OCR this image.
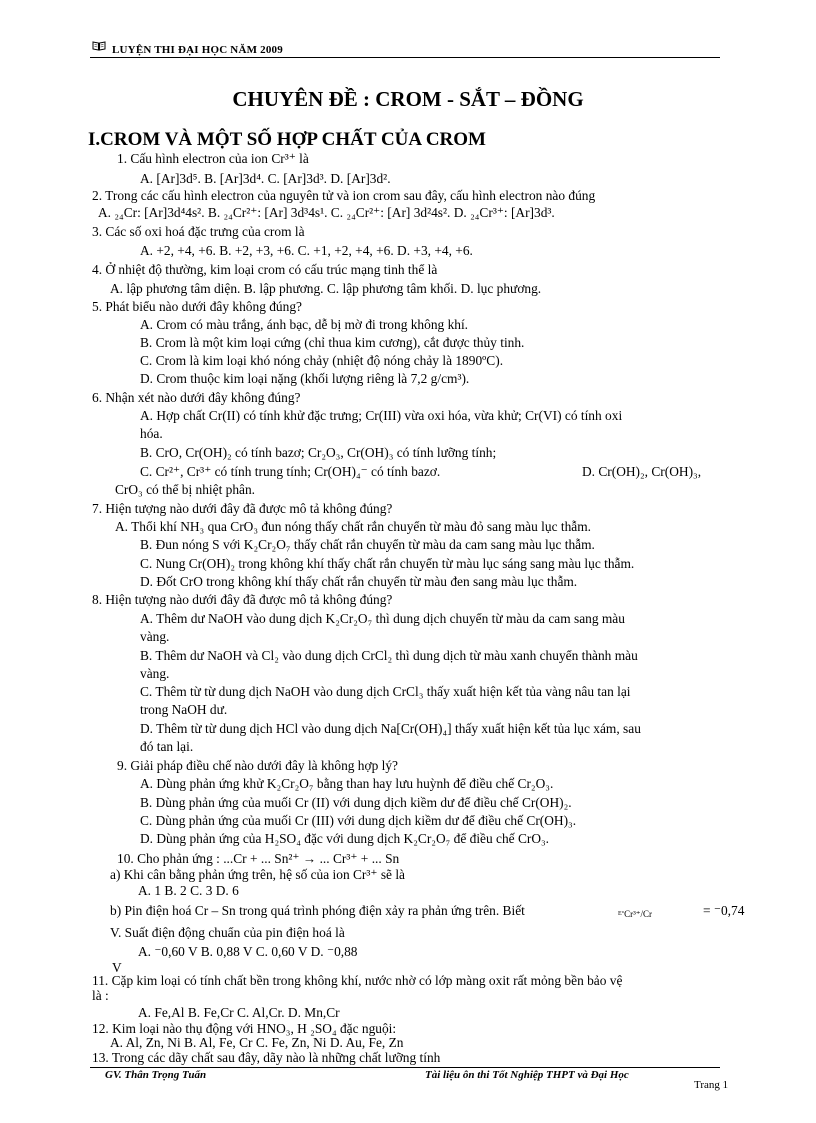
LUYỆN THI ĐẠI HỌC NĂM 2009
CHUYÊN ĐỀ : CROM - SẮT – ĐỒNG
I.CROM VÀ MỘT SỐ HỢP CHẤT CỦA CROM
1. Cấu hình electron của ion Cr³⁺ là
A. [Ar]3d⁵. B. [Ar]3d⁴. C. [Ar]3d³. D. [Ar]3d².
2. Trong các cấu hình electron của nguyên tử và ion crom sau đây, cấu hình electron nào đúng
A. ₂₄Cr: [Ar]3d⁴4s². B. ₂₄Cr²⁺: [Ar] 3d³4s¹. C. ₂₄Cr²⁺: [Ar] 3d²4s². D. ₂₄Cr³⁺: [Ar]3d³.
3. Các số oxi hoá đặc trưng của crom là
A. +2, +4, +6. B. +2, +3, +6. C. +1, +2, +4, +6. D. +3, +4, +6.
4. Ở nhiệt độ thường, kim loại crom có cấu trúc mạng tinh thể là
A. lập phương tâm diện. B. lập phương. C. lập phương tâm khối. D. lục phương.
5. Phát biểu nào dưới đây không đúng?
A. Crom có màu trắng, ánh bạc, dễ bị mờ đi trong không khí.
B. Crom là một kim loại cứng (chỉ thua kim cương), cắt được thủy tinh.
C. Crom là kim loại khó nóng chảy (nhiệt độ nóng chảy là 1890ºC).
D. Crom thuộc kim loại nặng (khối lượng riêng là 7,2 g/cm³).
6. Nhận xét nào dưới đây không đúng?
A. Hợp chất Cr(II) có tính khử đặc trưng; Cr(III) vừa oxi hóa, vừa khử; Cr(VI) có tính oxi
hóa.
B. CrO, Cr(OH)₂ có tính bazơ; Cr₂O₃, Cr(OH)₃ có tính lưỡng tính;
C. Cr²⁺, Cr³⁺ có tính trung tính; Cr(OH)₄⁻ có tính bazơ.	D. Cr(OH)₂, Cr(OH)₃,
CrO₃ có thể bị nhiệt phân.
7. Hiện tượng nào dưới đây đã được mô tả không đúng?
A. Thổi khí NH₃ qua CrO₃ đun nóng thấy chất rắn chuyển từ màu đỏ sang màu lục thẫm.
B. Đun nóng S với K₂Cr₂O₇ thấy chất rắn chuyển từ màu da cam sang màu lục thẫm.
C. Nung Cr(OH)₂ trong không khí thấy chất rắn chuyển từ màu lục sáng sang màu lục thẫm.
D. Đốt CrO trong không khí thấy chất rắn chuyển từ màu đen sang màu lục thẫm.
8. Hiện tượng nào dưới đây đã được mô tả không đúng?
A. Thêm dư NaOH vào dung dịch K₂Cr₂O₇ thì dung dịch chuyển từ màu da cam sang màu
vàng.
B. Thêm dư NaOH và Cl₂ vào dung dịch CrCl₂ thì dung dịch từ màu xanh chuyển thành màu
vàng.
C. Thêm từ từ dung dịch NaOH vào dung dịch CrCl₃ thấy xuất hiện kết tủa vàng nâu tan lại
trong NaOH dư.
D. Thêm từ từ dung dịch HCl vào dung dịch Na[Cr(OH)₄] thấy xuất hiện kết tủa lục xám, sau
đó tan lại.
9. Giải pháp điều chế nào dưới đây là không hợp lý?
A. Dùng phản ứng khử K₂Cr₂O₇ bằng than hay lưu huỳnh để điều chế Cr₂O₃.
B. Dùng phản ứng của muối Cr (II) với dung dịch kiềm dư để điều chế Cr(OH)₂.
C. Dùng phản ứng của muối Cr (III) với dung dịch kiềm dư để điều chế Cr(OH)₃.
D. Dùng phản ứng của H₂SO₄ đặc với dung dịch K₂Cr₂O₇ để điều chế CrO₃.
10. Cho phản ứng : ...Cr + ... Sn²⁺ → ... Cr³⁺ + ... Sn
a) Khi cân bằng phản ứng trên, hệ số của ion Cr³⁺ sẽ là
A. 1 B. 2 C. 3 D. 6
b) Pin điện hoá Cr – Sn trong quá trình phóng điện xảy ra phản ứng trên. Biết	$E^\circ_{Cr^{3+}/Cr}$	= ⁻0,74
V. Suất điện động chuẩn của pin điện hoá là
A. ⁻0,60 V B. 0,88 V C. 0,60 V D. ⁻0,88
V
11. Cặp kim loại có tính chất bền trong không khí, nước nhờ có lớp màng oxit rất mỏng bền bảo vệ
là :
A. Fe,Al B. Fe,Cr C. Al,Cr. D. Mn,Cr
12. Kim loại nào thụ động với HNO₃, H ₂SO₄ đặc nguội:
A. Al, Zn, Ni B. Al, Fe, Cr C. Fe, Zn, Ni D. Au, Fe, Zn
13. Trong các dãy chất sau đây, dãy nào là những chất lưỡng tính
GV. Thân Trọng Tuấn	Tài liệu ôn thi Tốt Nghiệp THPT và Đại Học
Trang 1
